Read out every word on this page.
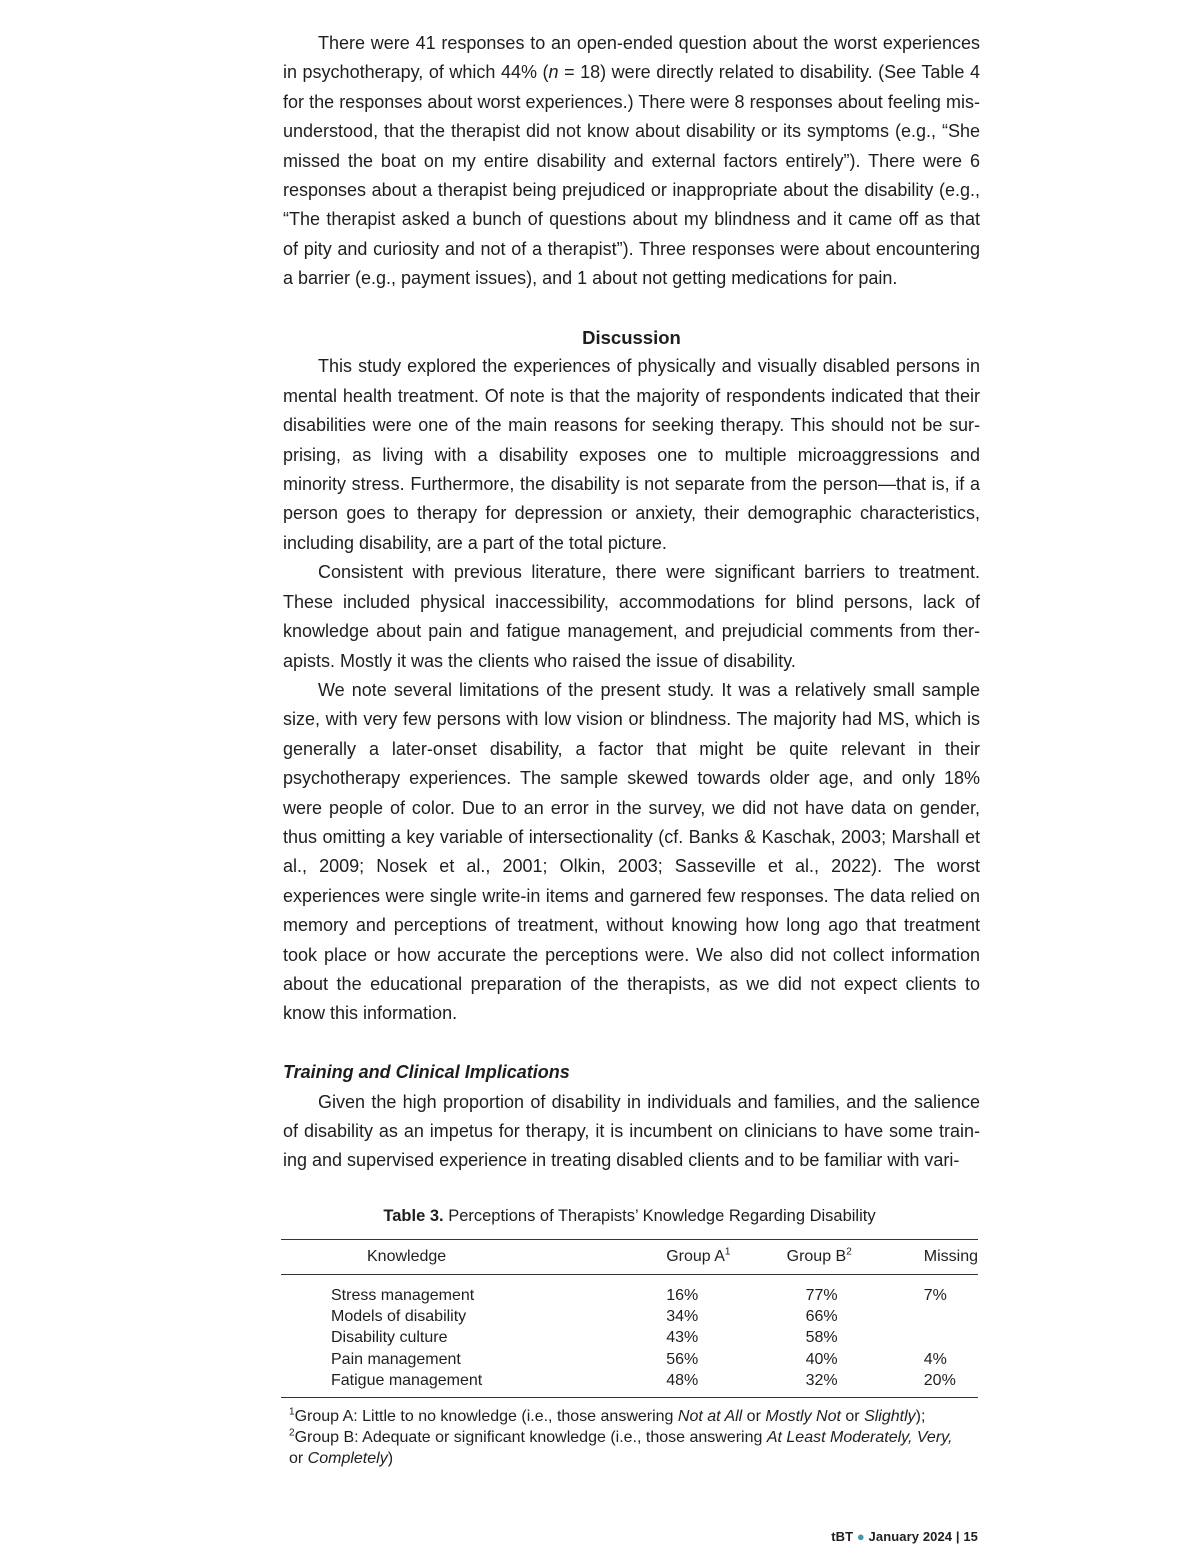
There were 41 responses to an open-ended question about the worst experiences in psychotherapy, of which 44% (n = 18) were directly related to disability. (See Table 4 for the responses about worst experiences.) There were 8 responses about feeling misunderstood, that the therapist did not know about disability or its symptoms (e.g., “She missed the boat on my entire disability and external factors entirely”). There were 6 responses about a therapist being prejudiced or inappropriate about the disability (e.g., “The therapist asked a bunch of questions about my blindness and it came off as that of pity and curiosity and not of a therapist”). Three responses were about encountering a barrier (e.g., payment issues), and 1 about not getting medications for pain.

Discussion

This study explored the experiences of physically and visually disabled persons in mental health treatment. Of note is that the majority of respondents indicated that their disabilities were one of the main reasons for seeking therapy. This should not be surprising, as living with a disability exposes one to multiple microaggressions and minority stress. Furthermore, the disability is not separate from the person—that is, if a person goes to therapy for depression or anxiety, their demographic characteristics, including disability, are a part of the total picture.

Consistent with previous literature, there were significant barriers to treatment. These included physical inaccessibility, accommodations for blind persons, lack of knowledge about pain and fatigue management, and prejudicial comments from therapists. Mostly it was the clients who raised the issue of disability.

We note several limitations of the present study. It was a relatively small sample size, with very few persons with low vision or blindness. The majority had MS, which is generally a later-onset disability, a factor that might be quite relevant in their psychotherapy experiences. The sample skewed towards older age, and only 18% were people of color. Due to an error in the survey, we did not have data on gender, thus omitting a key variable of intersectionality (cf. Banks & Kaschak, 2003; Marshall et al., 2009; Nosek et al., 2001; Olkin, 2003; Sasseville et al., 2022). The worst experiences were single write-in items and garnered few responses. The data relied on memory and perceptions of treatment, without knowing how long ago that treatment took place or how accurate the perceptions were. We also did not collect information about the educational preparation of the therapists, as we did not expect clients to know this information.

Training and Clinical Implications

Given the high proportion of disability in individuals and families, and the salience of disability as an impetus for therapy, it is incumbent on clinicians to have some training and supervised experience in treating disabled clients and to be familiar with vari-

Table 3. Perceptions of Therapists’ Knowledge Regarding Disability

Knowledge	Group $A^1$	Group $B^2$	Missing
Stress management	16%	77%	7%
Models of disability	34%	66%	
Disability culture	43%	58%	
Pain management	56%	40%	4%
Fatigue management	48%	32%	20%

$^1$Group A: Little to no knowledge (i.e., those answering Not at All or Mostly Not or Slightly);

$^2$Group B: Adequate or significant knowledge (i.e., those answering At Least Moderately, Very, or Completely)

tBT ● January 2024 | 15
